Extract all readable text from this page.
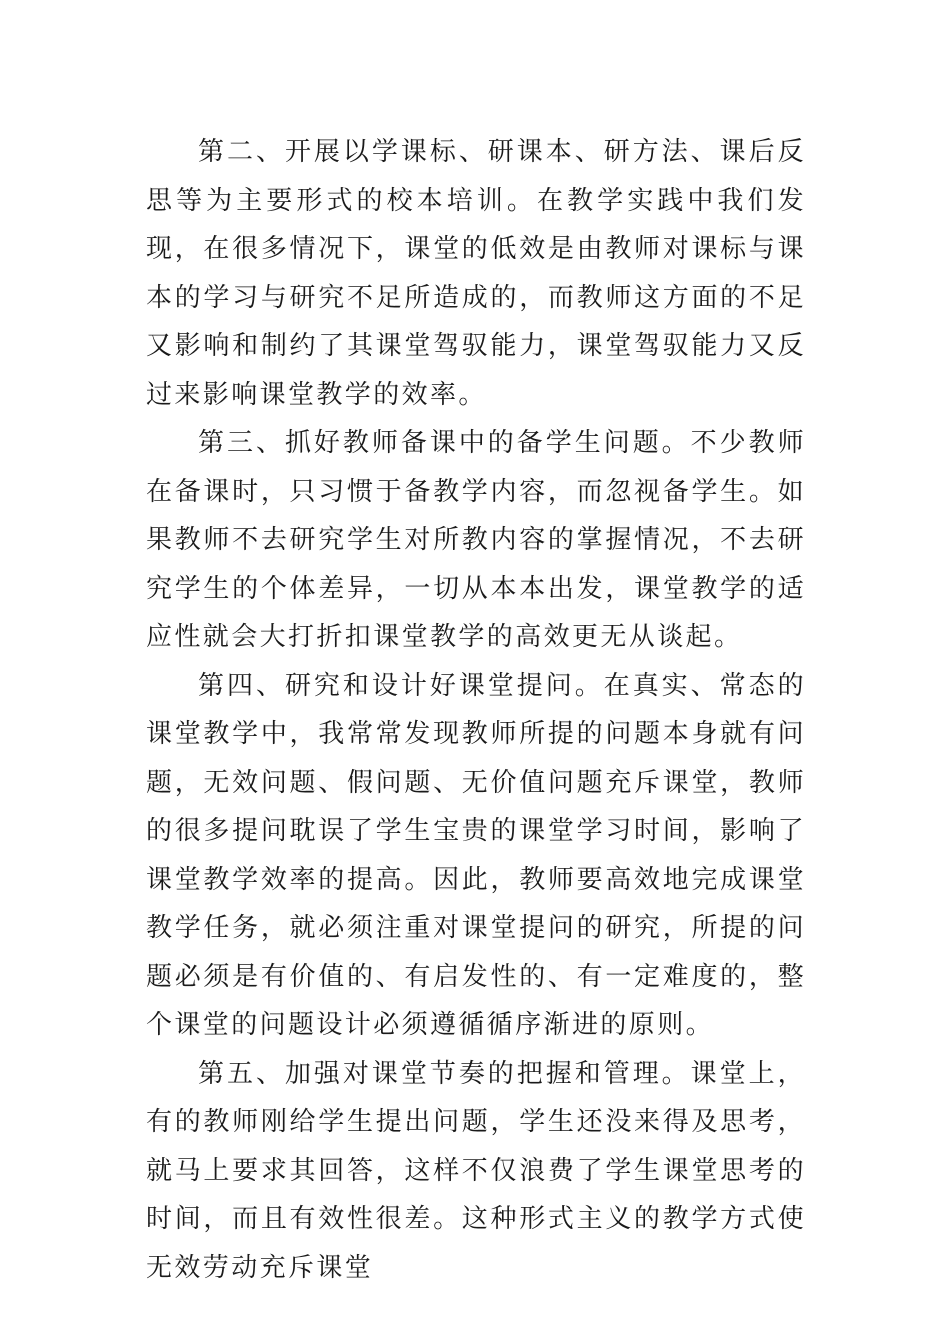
第二、开展以学课标、研课本、研方法、课后反思等为主要形式的校本培训。在教学实践中我们发现，在很多情况下，课堂的低效是由教师对课标与课本的学习与研究不足所造成的，而教师这方面的不足又影响和制约了其课堂驾驭能力，课堂驾驭能力又反过来影响课堂教学的效率。

第三、抓好教师备课中的备学生问题。不少教师在备课时，只习惯于备教学内容，而忽视备学生。如果教师不去研究学生对所教内容的掌握情况，不去研究学生的个体差异，一切从本本出发，课堂教学的适应性就会大打折扣课堂教学的高效更无从谈起。

第四、研究和设计好课堂提问。在真实、常态的课堂教学中，我常常发现教师所提的问题本身就有问题，无效问题、假问题、无价值问题充斥课堂，教师的很多提问耽误了学生宝贵的课堂学习时间，影响了课堂教学效率的提高。因此，教师要高效地完成课堂教学任务，就必须注重对课堂提问的研究，所提的问题必须是有价值的、有启发性的、有一定难度的，整个课堂的问题设计必须遵循循序渐进的原则。

第五、加强对课堂节奏的把握和管理。课堂上，有的教师刚给学生提出问题，学生还没来得及思考，就马上要求其回答，这样不仅浪费了学生课堂思考的时间，而且有效性很差。这种形式主义的教学方式使无效劳动充斥课堂
